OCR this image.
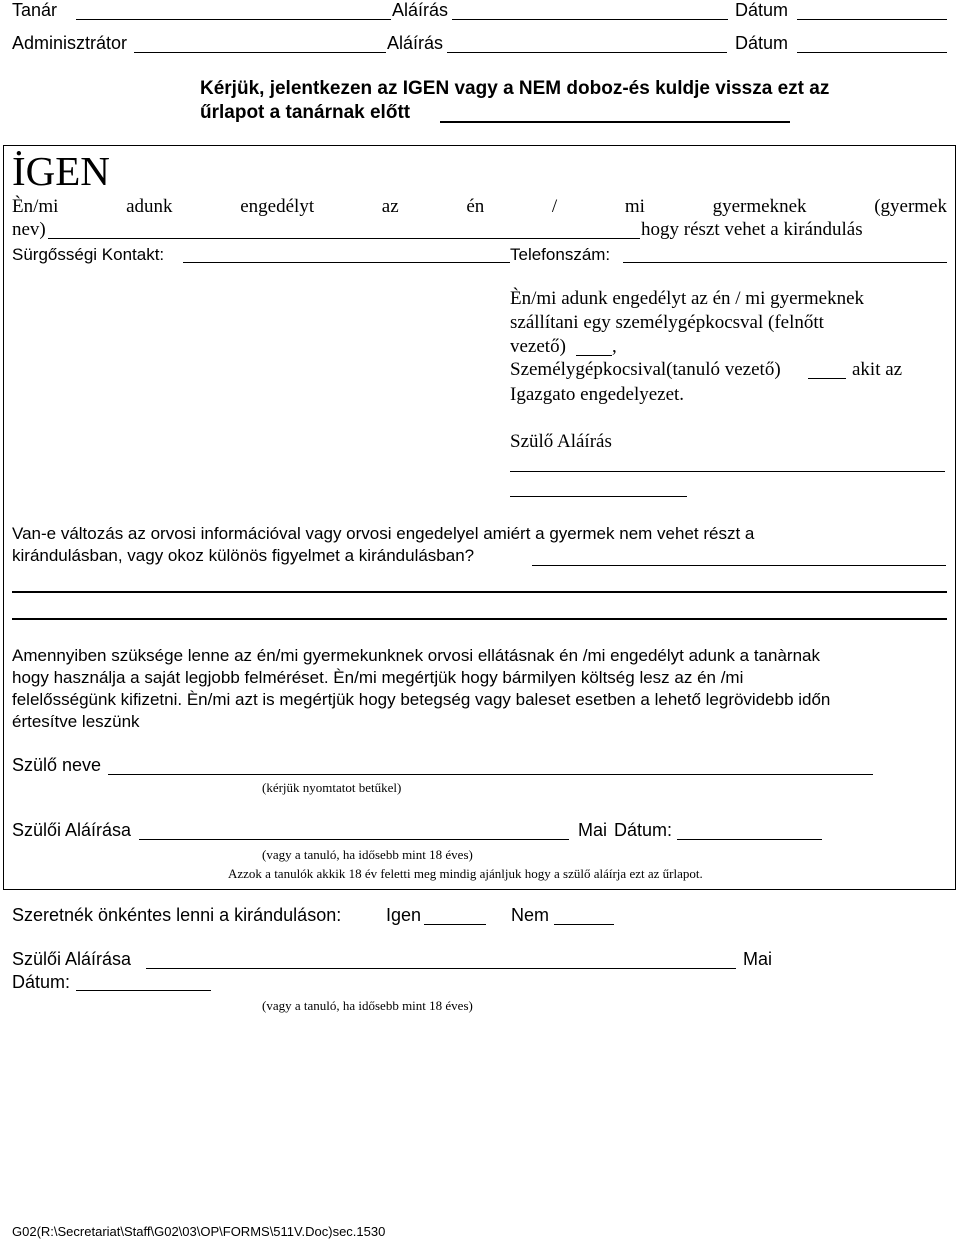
Tanár	Aláírás	Dátum
Adminisztrátor	Aláírás	Dátum
Kérjük, jelentkezen az IGEN vagy a NEM doboz-és kuldje vissza ezt az
űrlapot a tanárnak előtt
İGEN
Èn/mi	adunk	engedélyt	az	én	/	mi	gyermeknek	(gyermek
nev)	hogy részt vehet a kirándulás
Sürgősségi Kontakt:	Telefonszám:
Èn/mi adunk engedélyt az én / mi gyermeknek
szállítani egy személygépkocsval (felnőtt
vezető) ,
Személygépkocsival(tanuló vezető)	akit az
Igazgato engedelyezet.
Szülő Aláírás
Van-e változás az orvosi információval vagy orvosi engedelyel amiért a gyermek nem vehet részt a
kirándulásban, vagy okoz különös figyelmet a kirándulásban?
Amennyiben szüksége lenne az én/mi gyermekunknek orvosi ellátásnak én /mi engedélyt adunk a tanàrnak
hogy használja a saját legjobb felméréset. Èn/mi megértjük hogy bármilyen költség lesz az én /mi
felelősségünk kifizetni. Èn/mi azt is megértjük hogy betegség vagy baleset esetben a lehető legrövidebb időn
értesítve leszünk
Szülő neve
(kérjük nyomtatot betűkel)
Szülői Aláírása	Mai Dátum:
(vagy a tanuló, ha idősebb mint 18 éves)
Azzok a tanulók akkik 18 év feletti meg mindig ajánljuk hogy a szülő aláírja ezt az űrlapot.
Szeretnék önkéntes lenni a kiránduláson: Igen	Nem
Szülői Aláírása	Mai
Dátum:
(vagy a tanuló, ha idősebb mint 18 éves)
G02(R:\Secretariat\Staff\G02\03\OP\FORMS\511V.Doc)sec.1530
